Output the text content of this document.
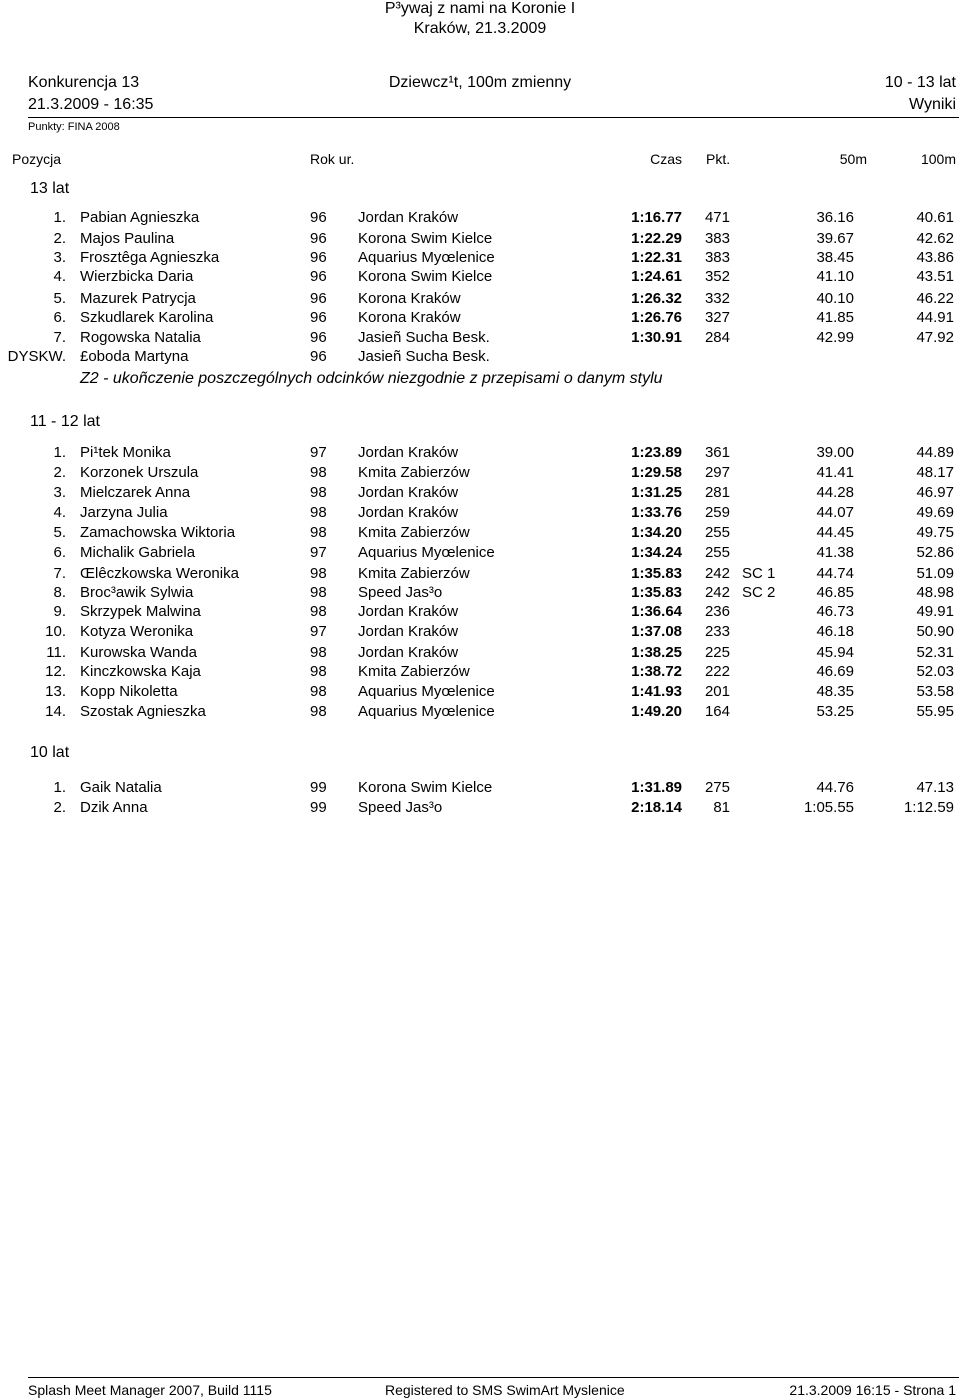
P³ywaj z nami na Koronie I
Kraków, 21.3.2009
Konkurencja 13	Dziewcz¹t, 100m zmienny	10 - 13 lat
21.3.2009 - 16:35	Wyniki
Punkty: FINA 2008
Pozycja	Rok ur.	Czas Pkt.	50m	100m
13 lat
1. Pabian Agnieszka	96 Jordan Kraków	1:16.77 471	36.16	40.61
2. Majos Paulina	96 Korona Swim Kielce	1:22.29 383	39.67	42.62
3. Frosztêga Agnieszka	96 Aquarius Myœlenice	1:22.31 383	38.45	43.86
4. Wierzbicka Daria	96 Korona Swim Kielce	1:24.61 352	41.10	43.51
5. Mazurek Patrycja	96 Korona Kraków	1:26.32 332	40.10	46.22
6. Szkudlarek Karolina	96 Korona Kraków	1:26.76 327	41.85	44.91
7. Rogowska Natalia	96 Jasieñ Sucha Besk.	1:30.91 284	42.99	47.92
DYSKW. £oboda Martyna	96 Jasieñ Sucha Besk.
Z2 - ukoñczenie poszczególnych odcinków niezgodnie z przepisami o danym stylu
11 - 12 lat
1. Pi¹tek Monika	97 Jordan Kraków	1:23.89 361	39.00	44.89
2. Korzonek Urszula	98 Kmita Zabierzów	1:29.58 297	41.41	48.17
3. Mielczarek Anna	98 Jordan Kraków	1:31.25 281	44.28	46.97
4. Jarzyna Julia	98 Jordan Kraków	1:33.76 259	44.07	49.69
5. Zamachowska Wiktoria	98 Kmita Zabierzów	1:34.20 255	44.45	49.75
6. Michalik Gabriela	97 Aquarius Myœlenice	1:34.24 255	41.38	52.86
7. Œlêczkowska Weronika	98 Kmita Zabierzów	1:35.83 242 SC 1	44.74	51.09
8. Broc³awik Sylwia	98 Speed Jas³o	1:35.83 242 SC 2	46.85	48.98
9. Skrzypek Malwina	98 Jordan Kraków	1:36.64 236	46.73	49.91
10. Kotyza Weronika	97 Jordan Kraków	1:37.08 233	46.18	50.90
11. Kurowska Wanda	98 Jordan Kraków	1:38.25 225	45.94	52.31
12. Kinczkowska Kaja	98 Kmita Zabierzów	1:38.72 222	46.69	52.03
13. Kopp Nikoletta	98 Aquarius Myœlenice	1:41.93 201	48.35	53.58
14. Szostak Agnieszka	98 Aquarius Myœlenice	1:49.20 164	53.25	55.95
10 lat
1. Gaik Natalia	99 Korona Swim Kielce	1:31.89 275	44.76	47.13
2. Dzik Anna	99 Speed Jas³o	2:18.14	81	1:05.55	1:12.59
Splash Meet Manager 2007, Build 1115	Registered to SMS SwimArt Myslenice	21.3.2009 16:15 - Strona 1
